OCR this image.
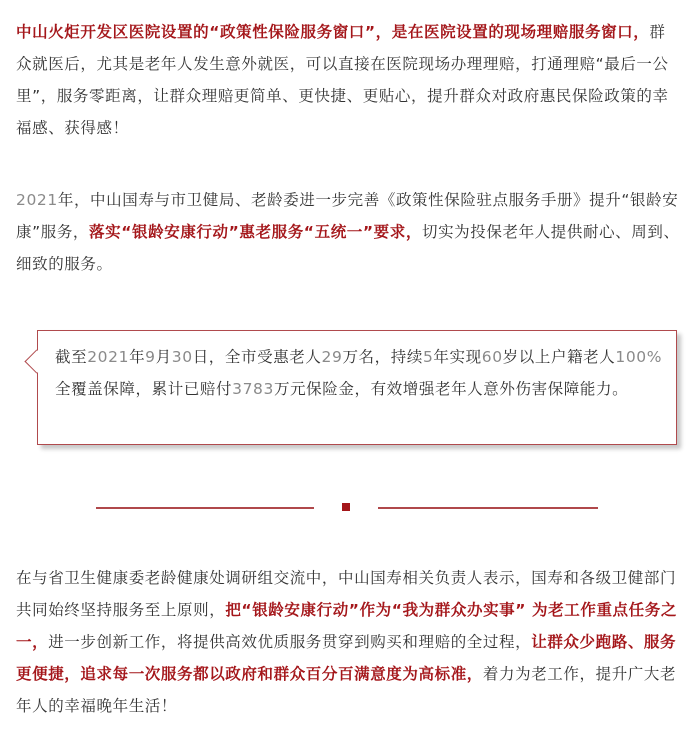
中山火炬开发区医院设置的“政策性保险服务窗口”，是在医院设置的现场理赔服务窗口，群众就医后，尤其是老年人发生意外就医，可以直接在医院现场办理理赔，打通理赔“最后一公里”，服务零距离，让群众理赔更简单、更快捷、更贴心，提升群众对政府惠民保险政策的幸福感、获得感！

2021年，中山国寿与市卫健局、老龄委进一步完善《政策性保险驻点服务手册》提升“银龄安康”服务，落实“银龄安康行动”惠老服务“五统一”要求，切实为投保老年人提供耐心、周到、细致的服务。

截至2021年9月30日，全市受惠老人29万名，持续5年实现60岁以上户籍老人100%全覆盖保障，累计已赔付3783万元保险金，有效增强老年人意外伤害保障能力。

在与省卫生健康委老龄健康处调研组交流中，中山国寿相关负责人表示，国寿和各级卫健部门共同始终坚持服务至上原则，把“银龄安康行动”作为“我为群众办实事” 为老工作重点任务之一，进一步创新工作，将提供高效优质服务贯穿到购买和理赔的全过程，让群众少跑路、服务更便捷，追求每一次服务都以政府和群众百分百满意度为高标准，着力为老工作，提升广大老年人的幸福晚年生活！
